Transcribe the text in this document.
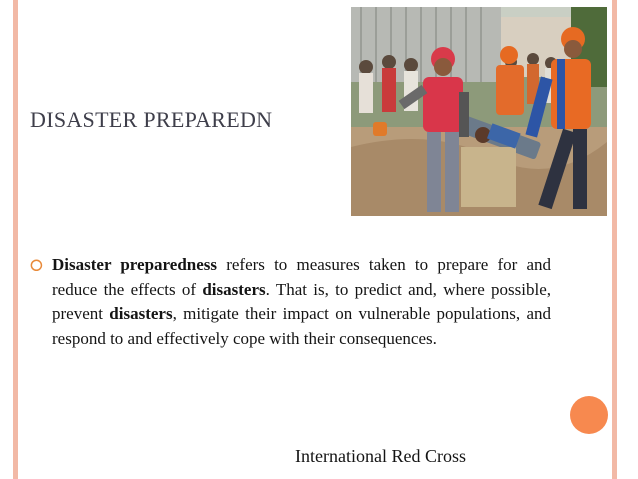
DISASTER PREPAREDN
⭘ Disaster preparedness refers to measures taken to prepare for and reduce the effects of disasters. That is, to predict and, where possible, prevent disasters, mitigate their impact on vulnerable populations, and respond to and effectively cope with their consequences.

International Red Cross
